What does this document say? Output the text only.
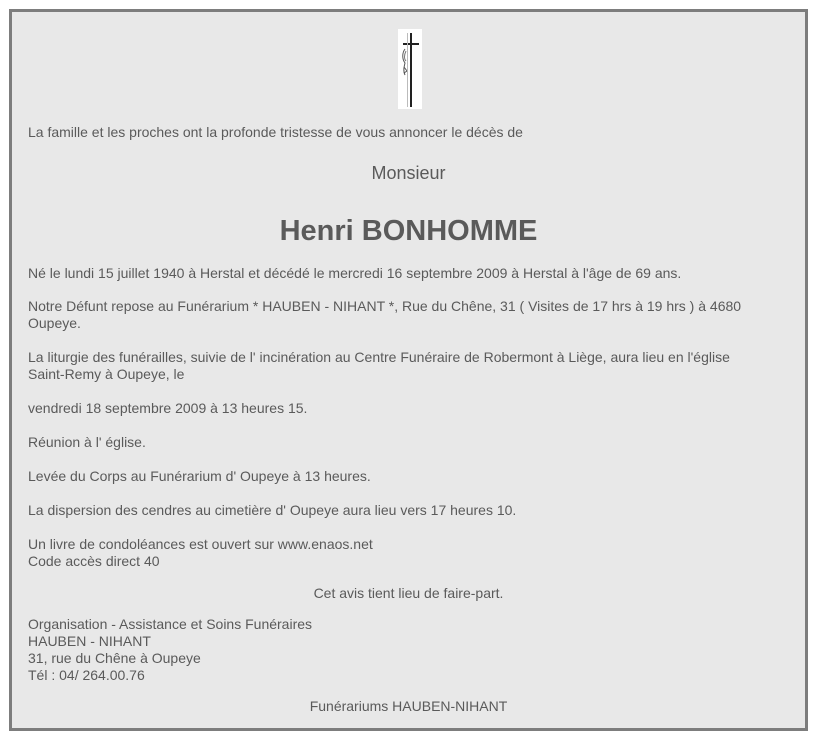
La famille et les proches ont la profonde tristesse de vous annoncer le décès de

Monsieur

Henri BONHOMME

Né le lundi 15 juillet 1940 à Herstal et décédé le mercredi 16 septembre 2009 à Herstal à l'âge de 69 ans.

Notre Défunt repose au Funérarium * HAUBEN - NIHANT *, Rue du Chêne, 31 ( Visites de 17 hrs à 19 hrs ) à 4680

Oupeye.

La liturgie des funérailles, suivie de l' incinération au Centre Funéraire de Robermont à Liège, aura lieu en l'église

Saint-Remy à Oupeye, le

vendredi 18 septembre 2009 à 13 heures 15.

Réunion à l' église.

Levée du Corps au Funérarium d' Oupeye à 13 heures.

La dispersion des cendres au cimetière d' Oupeye aura lieu vers 17 heures 10.

Un livre de condoléances est ouvert sur www.enaos.net

Code accès direct 40

Cet avis tient lieu de faire-part.

Organisation - Assistance et Soins Funéraires

HAUBEN - NIHANT

31, rue du Chêne à Oupeye

Tél : 04/ 264.00.76

Funérariums HAUBEN-NIHANT
